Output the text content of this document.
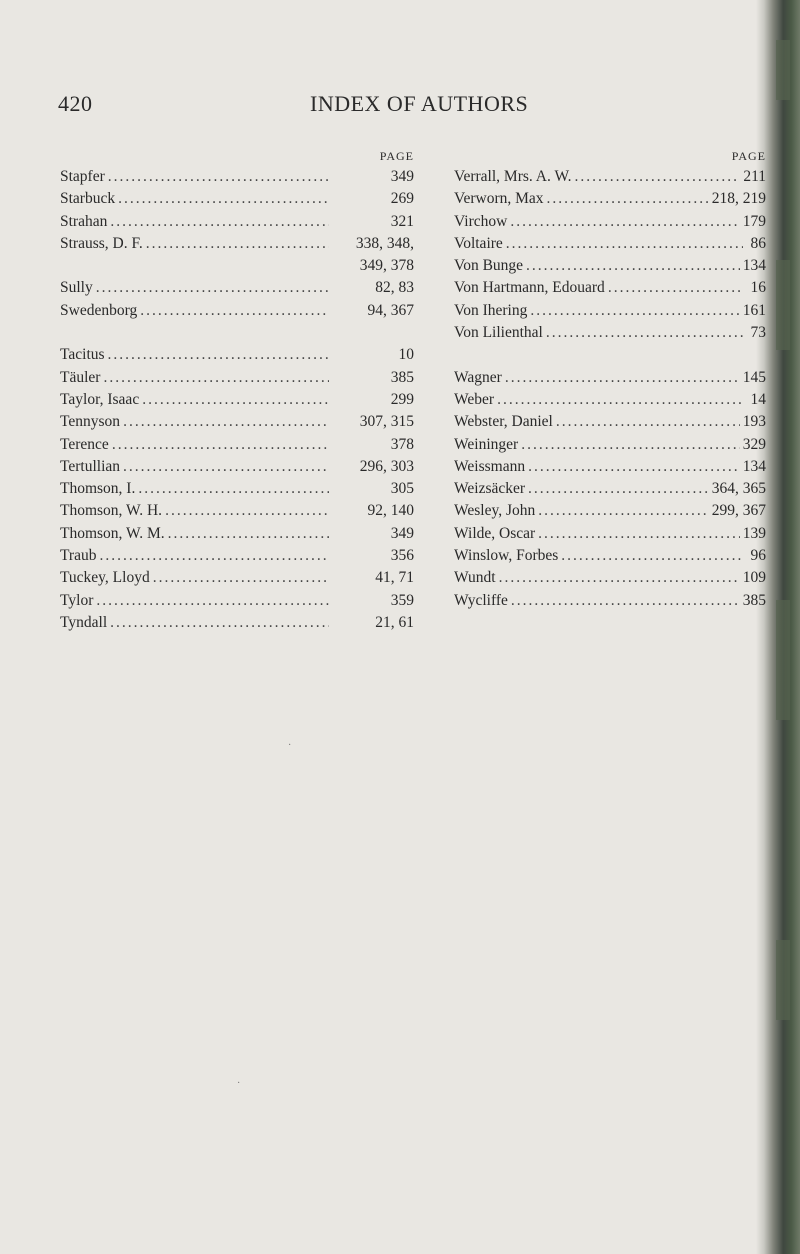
420	INDEX OF AUTHORS
PAGE
Stapfer .....	349
Starbuck .....	269
Strahan .....	321
Strauss, D. F. .....	338, 348,
349, 378
Sully .....	82, 83
Swedenborg .....	94, 367
Tacitus .....	10
Täuler .....	385
Taylor, Isaac .....	299
Tennyson .....	307, 315
Terence .....	378
Tertullian .....	296, 303
Thomson, I. .....	305
Thomson, W. H. .....	92, 140
Thomson, W. M. .....	349
Traub .....	356
Tuckey, Lloyd .....	41, 71
Tylor .....	359
Tyndall .....	21, 61
PAGE
Verrall, Mrs. A. W. .....	211
Verworn, Max .....	218, 219
Virchow .....	179
Voltaire .....	86
Von Bunge .....	134
Von Hartmann, Edouard .....	16
Von Ihering .....	161
Von Lilienthal .....	73
Wagner .....	145
Weber .....	14
Webster, Daniel .....	193
Weininger .....	329
Weissmann .....	134
Weizsäcker .....	364, 365
Wesley, John .....	299, 367
Wilde, Oscar .....	139
Winslow, Forbes .....	96
Wundt .....	109
Wycliffe .....	385
·
·
